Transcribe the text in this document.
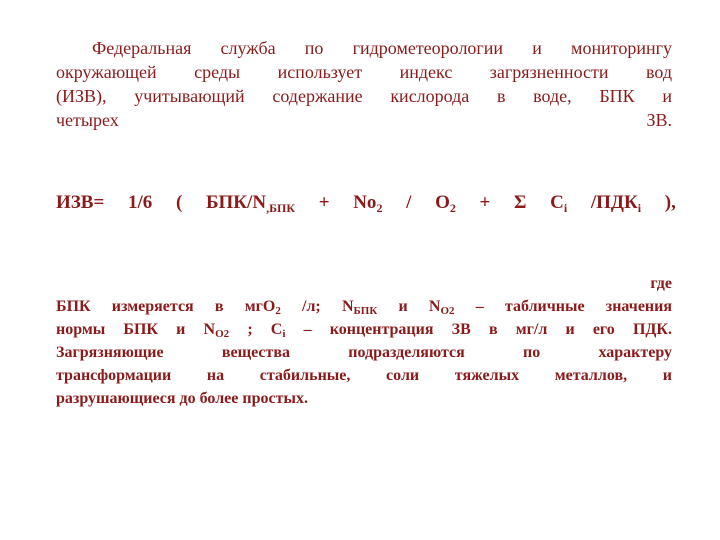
Федеральная служба по гидрометеорологии и мониторингу
окружающей среды использует индекс загрязненности вод
(ИЗВ), учитывающий содержание кислорода в воде, БПК и
четырех	ЗВ.
ИЗВ= 1/6 ( БПК/$N_{,БПК} + No_2 / O_2 + \Sigma$ $C_i$ $/ПДК_i$ ),
где
БПК измеряется в мгО$_2$ /л; $N_{БПК}$ и $N_{O2}$ – табличные значения
нормы БПК и $N_{O2}$ ; $C_i$ – концентрация ЗВ в мг/л и его ПДК.
Загрязняющие вещества подразделяются по характеру
трансформации на стабильные, соли тяжелых металлов, и
разрушающиеся до более простых.
